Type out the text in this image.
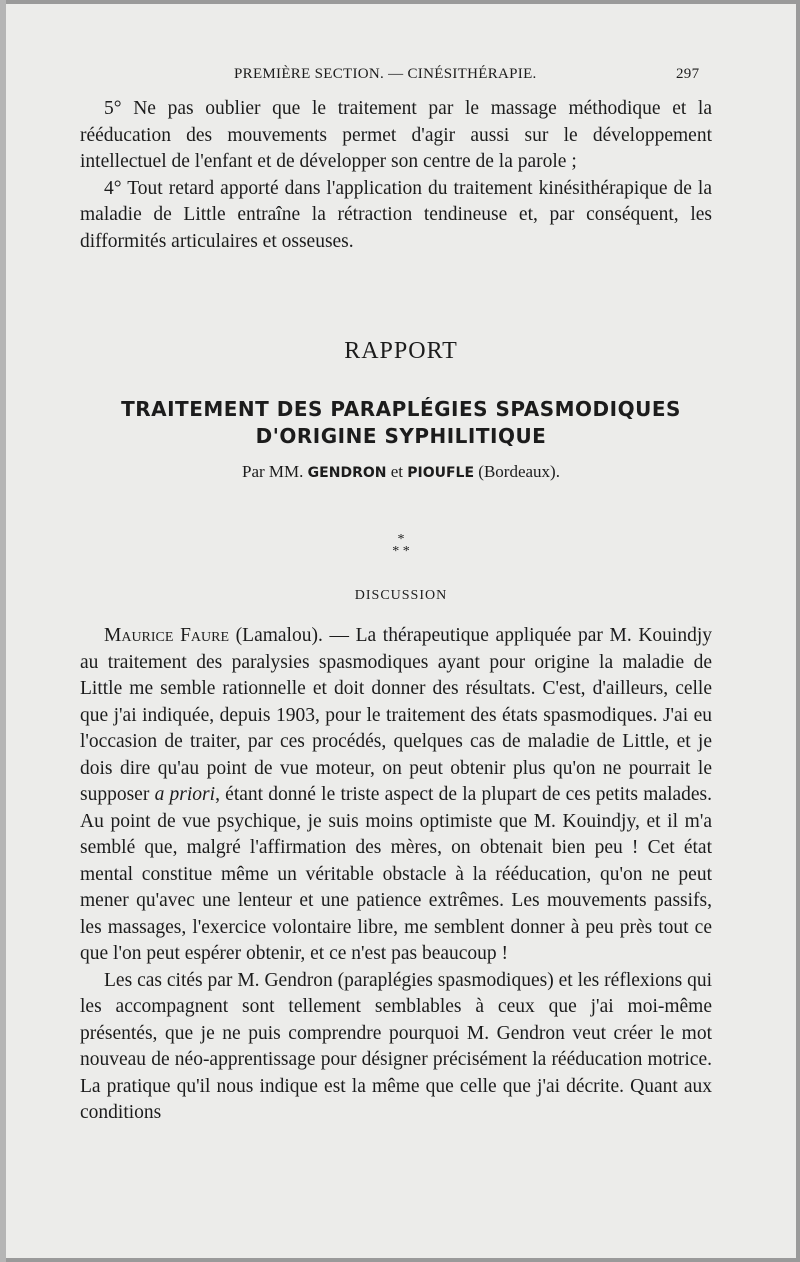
PREMIÈRE SECTION. — CINÉSITHÉRAPIE.	297

5° Ne pas oublier que le traitement par le massage méthodique et la rééducation des mouvements permet d'agir aussi sur le développement intellectuel de l'enfant et de développer son centre de la parole ;

4° Tout retard apporté dans l'application du traitement kinésithérapique de la maladie de Little entraîne la rétraction tendineuse et, par conséquent, les difformités articulaires et osseuses.

RAPPORT
TRAITEMENT DES PARAPLÉGIES SPASMODIQUES
D'ORIGINE SYPHILITIQUE
Par MM. GENDRON et PIOUFLE (Bordeaux).
*
* *
DISCUSSION

Maurice Faure (Lamalou). — La thérapeutique appliquée par M. Kouindjy au traitement des paralysies spasmodiques ayant pour origine la maladie de Little me semble rationnelle et doit donner des résultats. C'est, d'ailleurs, celle que j'ai indiquée, depuis 1903, pour le traitement des états spasmodiques. J'ai eu l'occasion de traiter, par ces procédés, quelques cas de maladie de Little, et je dois dire qu'au point de vue moteur, on peut obtenir plus qu'on ne pourrait le supposer a priori, étant donné le triste aspect de la plupart de ces petits malades. Au point de vue psychique, je suis moins optimiste que M. Kouindjy, et il m'a semblé que, malgré l'affirmation des mères, on obtenait bien peu ! Cet état mental constitue même un véritable obstacle à la rééducation, qu'on ne peut mener qu'avec une lenteur et une patience extrêmes. Les mouvements passifs, les massages, l'exercice volontaire libre, me semblent donner à peu près tout ce que l'on peut espérer obtenir, et ce n'est pas beaucoup !

Les cas cités par M. Gendron (paraplégies spasmodiques) et les réflexions qui les accompagnent sont tellement semblables à ceux que j'ai moi-même présentés, que je ne puis comprendre pourquoi M. Gendron veut créer le mot nouveau de néo-apprentissage pour désigner précisément la rééducation motrice. La pratique qu'il nous indique est la même que celle que j'ai décrite. Quant aux conditions
